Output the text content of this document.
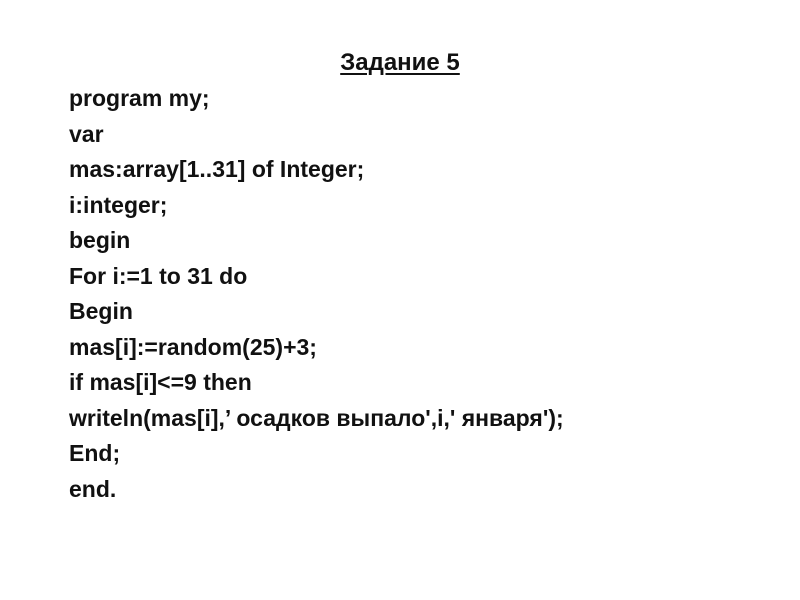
Задание 5
program my;
var
mas:array[1..31] of Integer;
i:integer;
begin
For i:=1 to 31 do
Begin
mas[i]:=random(25)+3;
if mas[i]<=9 then
writeln(mas[i],’ осадков выпало',i,' января');
End;
end.
